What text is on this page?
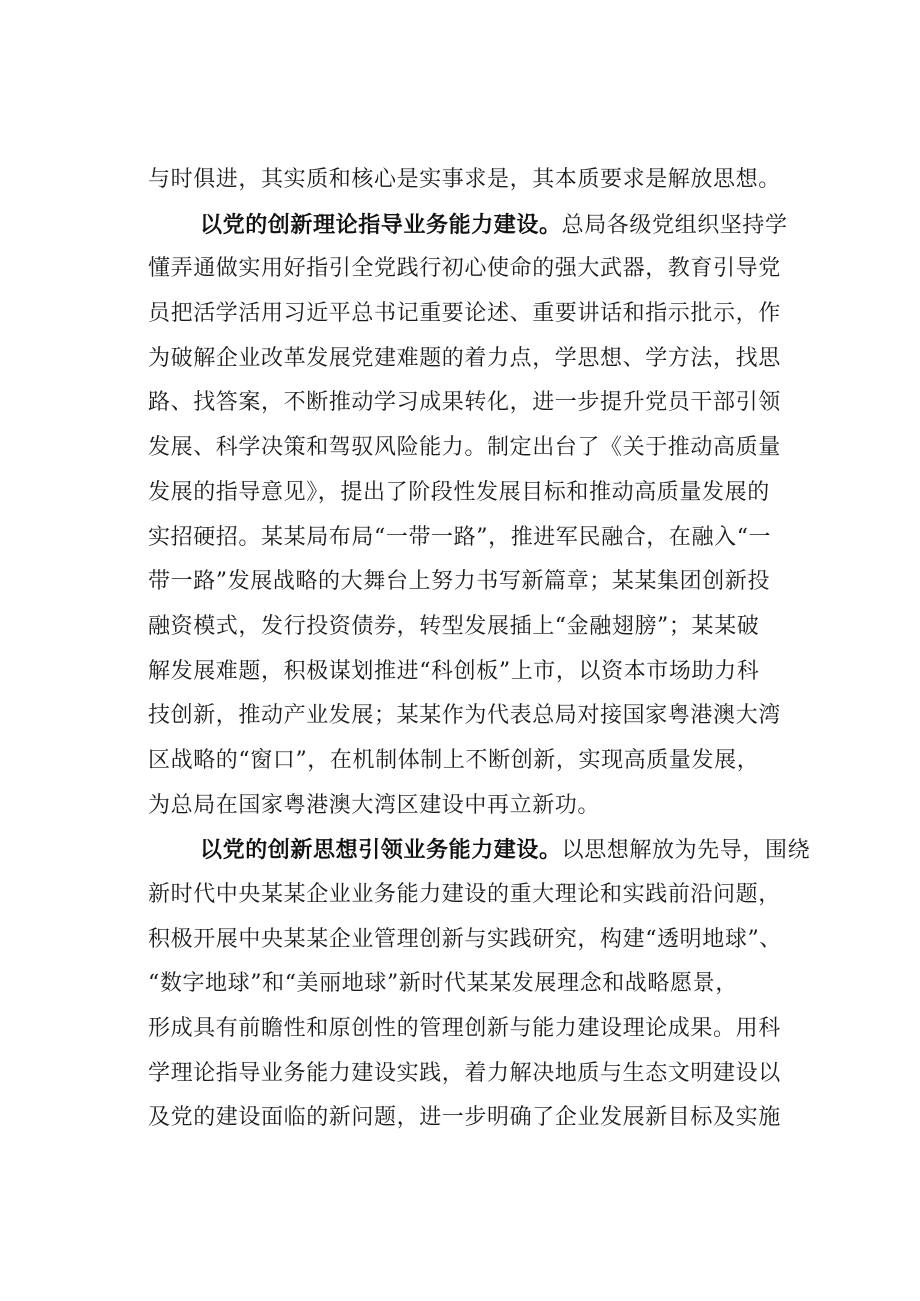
与时俱进，其实质和核心是实事求是，其本质要求是解放思想。
以党的创新理论指导业务能力建设。总局各级党组织坚持学
懂弄通做实用好指引全党践行初心使命的强大武器，教育引导党
员把活学活用习近平总书记重要论述、重要讲话和指示批示，作
为破解企业改革发展党建难题的着力点，学思想、学方法，找思
路、找答案，不断推动学习成果转化，进一步提升党员干部引领
发展、科学决策和驾驭风险能力。制定出台了《关于推动高质量
发展的指导意见》，提出了阶段性发展目标和推动高质量发展的
实招硬招。某某局布局“一带一路”，推进军民融合，在融入“一
带一路”发展战略的大舞台上努力书写新篇章；某某集团创新投
融资模式，发行投资债券，转型发展插上“金融翅膀”；某某破
解发展难题，积极谋划推进“科创板”上市，以资本市场助力科
技创新，推动产业发展；某某作为代表总局对接国家粤港澳大湾
区战略的“窗口”，在机制体制上不断创新，实现高质量发展，
为总局在国家粤港澳大湾区建设中再立新功。
以党的创新思想引领业务能力建设。以思想解放为先导，围绕
新时代中央某某企业业务能力建设的重大理论和实践前沿问题，
积极开展中央某某企业管理创新与实践研究，构建“透明地球”、
“数字地球”和“美丽地球”新时代某某发展理念和战略愿景，
形成具有前瞻性和原创性的管理创新与能力建设理论成果。用科
学理论指导业务能力建设实践，着力解决地质与生态文明建设以
及党的建设面临的新问题，进一步明确了企业发展新目标及实施
